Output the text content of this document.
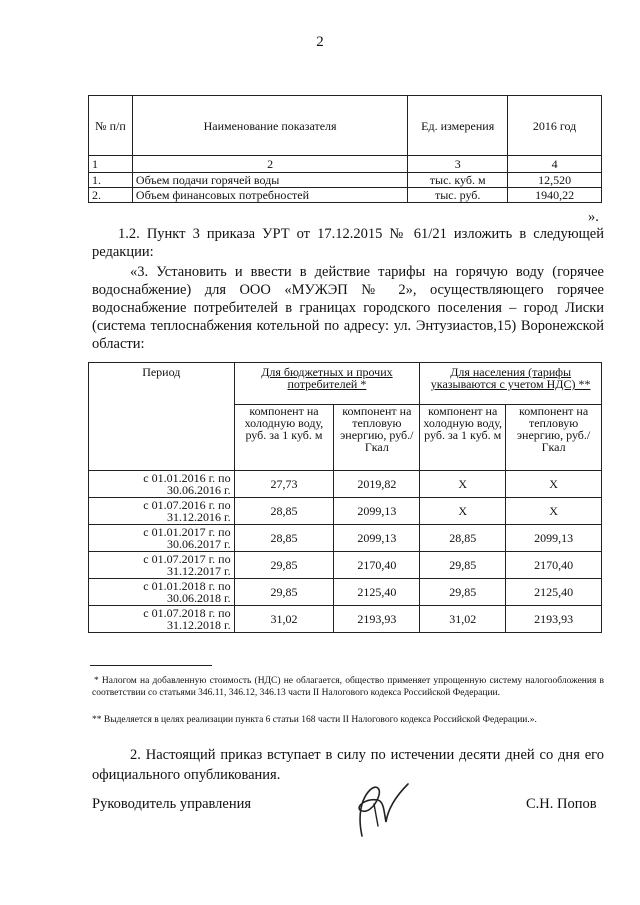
2
№ п/п	Наименование показателя	Ед. измерения	2016 год
1	2	3	4
1.	Объем подачи горячей воды	тыс. куб. м	12,520
2.	Объем финансовых потребностей	тыс. руб.	1940,22
».
1.2. Пункт 3 приказа УРТ от 17.12.2015 № 61/21 изложить в следующей редакции:
«3. Установить и ввести в действие тарифы на горячую воду (горячее водоснабжение) для ООО «МУЖЭП № 2», осуществляющего горячее водоснабжение потребителей в границах городского поселения – город Лиски (система теплоснабжения котельной по адресу: ул. Энтузиастов,15) Воронежской области:
Период	Для бюджетных и прочих потребителей *		Для населения (тарифы указываются с учетом НДС) **	
	компонент на холодную воду, руб. за 1 куб. м	компонент на тепловую энергию, руб./Гкал	компонент на холодную воду, руб. за 1 куб. м	компонент на тепловую энергию, руб./Гкал
с 01.01.2016 г. по 30.06.2016 г.	27,73	2019,82	Х	Х
с 01.07.2016 г. по 31.12.2016 г.	28,85	2099,13	Х	Х
с 01.01.2017 г. по 30.06.2017 г.	28,85	2099,13	28,85	2099,13
с 01.07.2017 г. по 31.12.2017 г.	29,85	2170,40	29,85	2170,40
с 01.01.2018 г. по 30.06.2018 г.	29,85	2125,40	29,85	2125,40
с 01.07.2018 г. по 31.12.2018 г.	31,02	2193,93	31,02	2193,93
* Налогом на добавленную стоимость (НДС) не облагается, общество применяет упрощенную систему налогообложения в соответствии со статьями 346.11, 346.12, 346.13 части II Налогового кодекса Российской Федерации.
** Выделяется в целях реализации пункта 6 статьи 168 части II Налогового кодекса Российской Федерации.».
2. Настоящий приказ вступает в силу по истечении десяти дней со дня его официального опубликования.
Руководитель управления	С.Н. Попов
